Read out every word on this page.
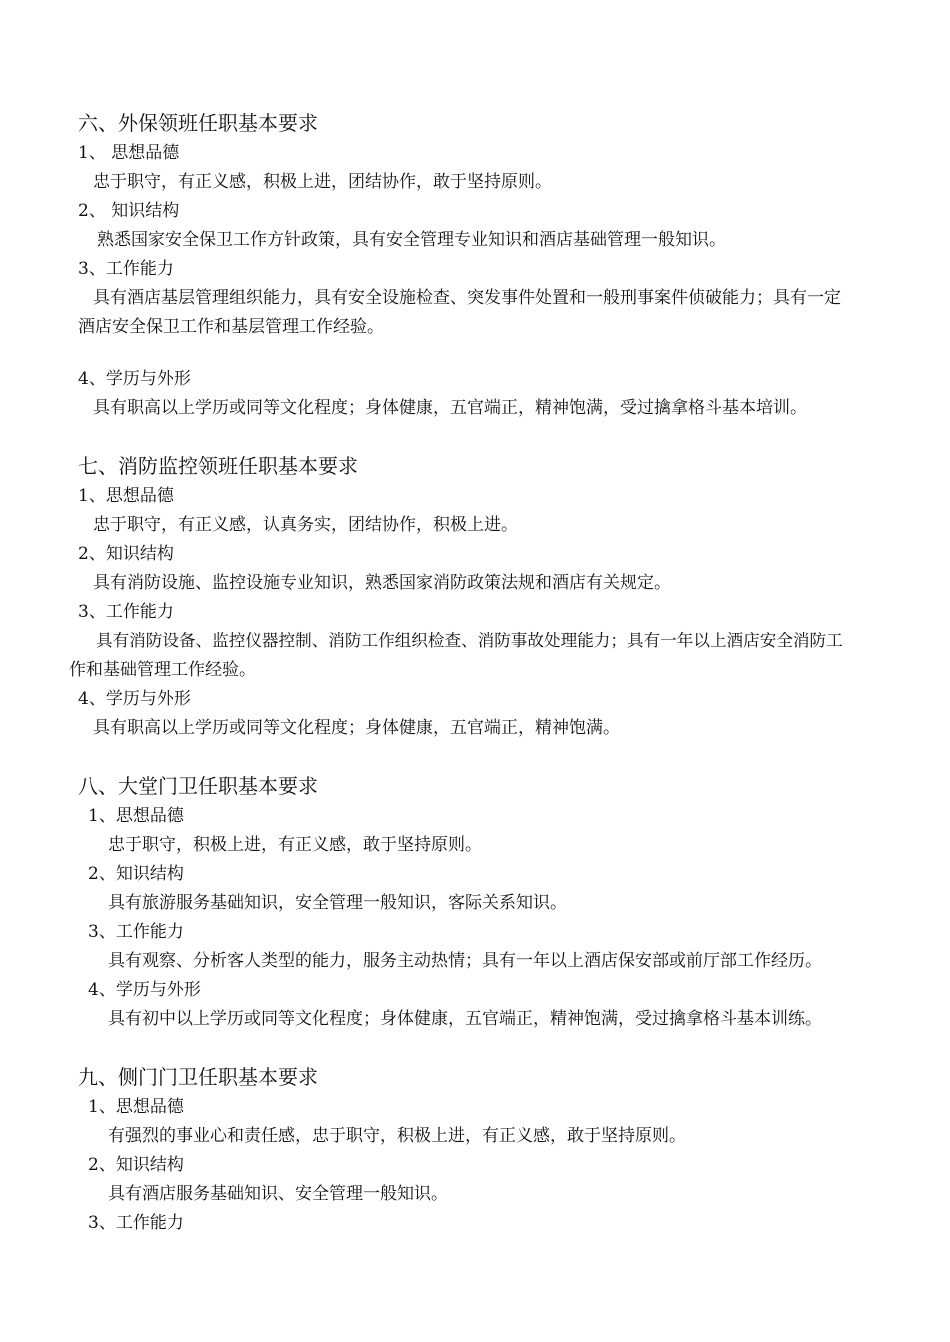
六、外保领班任职基本要求
1、 思想品德
忠于职守，有正义感，积极上进，团结协作，敢于坚持原则。
2、 知识结构
熟悉国家安全保卫工作方针政策，具有安全管理专业知识和酒店基础管理一般知识。
3、工作能力
具有酒店基层管理组织能力，具有安全设施检查、突发事件处置和一般刑事案件侦破能力；具有一定
酒店安全保卫工作和基层管理工作经验。
4、学历与外形
具有职高以上学历或同等文化程度；身体健康，五官端正，精神饱满，受过擒拿格斗基本培训。
七、消防监控领班任职基本要求
1、思想品德
忠于职守，有正义感，认真务实，团结协作，积极上进。
2、知识结构
具有消防设施、监控设施专业知识，熟悉国家消防政策法规和酒店有关规定。
3、工作能力
具有消防设备、监控仪器控制、消防工作组织检查、消防事故处理能力；具有一年以上酒店安全消防工
作和基础管理工作经验。
4、学历与外形
具有职高以上学历或同等文化程度；身体健康，五官端正，精神饱满。
八、大堂门卫任职基本要求
1、思想品德
忠于职守，积极上进，有正义感，敢于坚持原则。
2、知识结构
具有旅游服务基础知识，安全管理一般知识，客际关系知识。
3、工作能力
具有观察、分析客人类型的能力，服务主动热情；具有一年以上酒店保安部或前厅部工作经历。
4、学历与外形
具有初中以上学历或同等文化程度；身体健康，五官端正，精神饱满，受过擒拿格斗基本训练。
九、侧门门卫任职基本要求
1、思想品德
有强烈的事业心和责任感，忠于职守，积极上进，有正义感，敢于坚持原则。
2、知识结构
具有酒店服务基础知识、安全管理一般知识。
3、工作能力
